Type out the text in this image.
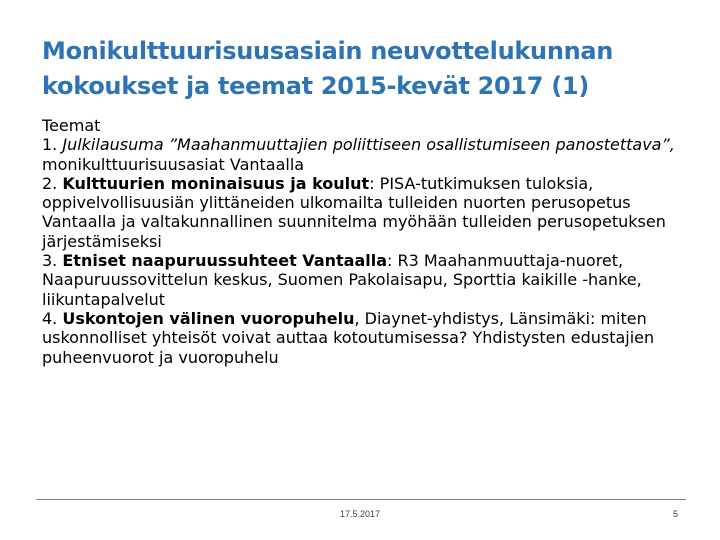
Monikulttuurisuusasiain neuvottelukunnan
kokoukset ja teemat 2015-kevät 2017 (1)

Teemat

1. Julkilausuma ”Maahanmuuttajien poliittiseen osallistumiseen panostettava”, monikulttuurisuusasiat Vantaalla

2. Kulttuurien moninaisuus ja koulut: PISA-tutkimuksen tuloksia, oppivelvollisuusiän ylittäneiden ulkomailta tulleiden nuorten perusopetus Vantaalla ja valtakunnallinen suunnitelma myöhään tulleiden perusopetuksen järjestämiseksi

3. Etniset naapuruussuhteet Vantaalla: R3 Maahanmuuttaja-nuoret, Naapuruussovittelun keskus, Suomen Pakolaisapu, Sporttia kaikille -hanke, liikuntapalvelut

4. Uskontojen välinen vuoropuhelu, Diaynet-yhdistys, Länsimäki: miten uskonnolliset yhteisöt voivat auttaa kotoutumisessa? Yhdistysten edustajien puheenvuorot ja vuoropuhelu

17.5.2017	5
